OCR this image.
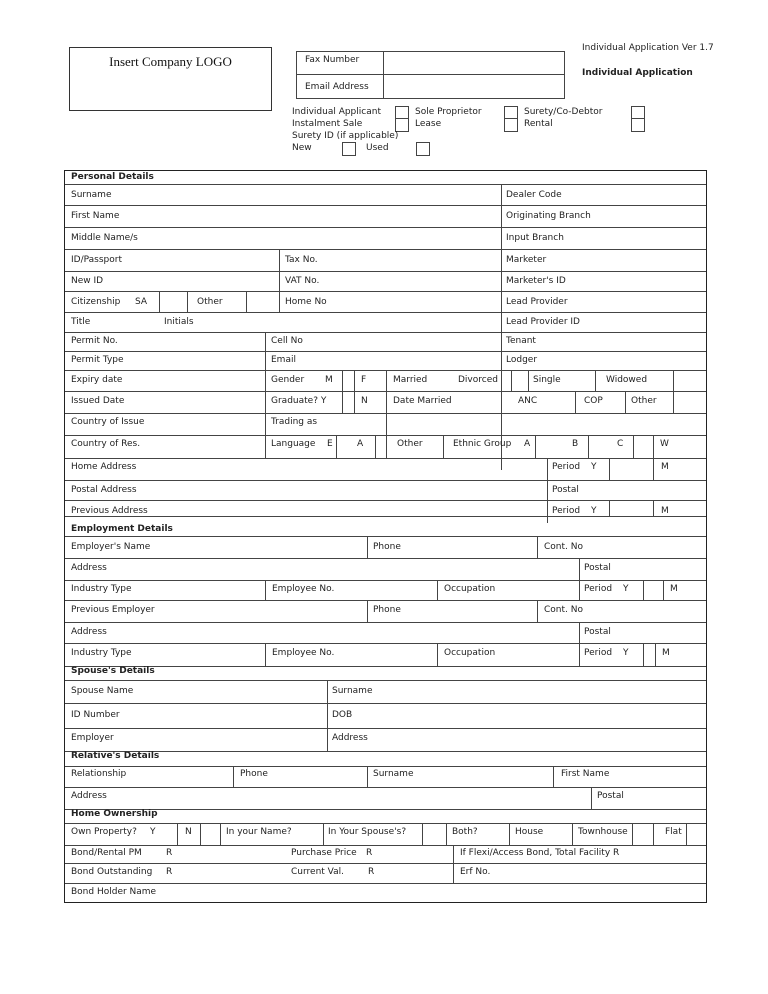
Individual Application Ver 1.7
Individual Application
Insert Company LOGO	Fax Number
Email Address
Individual Applicant	Sole Proprietor	Surety/Co-Debtor
Instalment Sale	Lease	Rental
Surety ID (if applicable)
New	Used
Personal Details
Surname	Dealer Code
First Name	Originating Branch
Middle Name/s	Input Branch
ID/Passport	Tax No.	Marketer
New ID	VAT No.	Marketer's ID
Citizenship SA	Other	Home No	Lead Provider
Title	Initials	Lead Provider ID
Permit No.	Cell No	Tenant
Permit Type	Email	Lodger
Expiry date	Gender M	F	Married	Divorced	Single	Widowed
Issued Date	Graduate? Y	N	Date Married	ANC	COP	Other
Country of Issue	Trading as
Country of Res.	Language E	A	Other	Ethnic Group A	B	C	W
Home Address	Period Y	M
Postal Address	Postal
Previous Address	Period Y	M
Employment Details
Employer's Name	Phone	Cont. No
Address	Postal
Industry Type	Employee No.	Occupation	Period Y	M
Previous Employer	Phone	Cont. No
Address	Postal
Industry Type	Employee No.	Occupation	Period Y	M
Spouse's Details
Spouse Name	Surname
ID Number	DOB
Employer	Address
Relative's Details
Relationship	Phone	Surname	First Name
Address	Postal
Home Ownership
Own Property? Y	N	In your Name?	In Your Spouse's?	Both?	House	Townhouse	Flat
Bond/Rental PM	R	Purchase Price R	If Flexi/Access Bond, Total Facility R
Bond Outstanding R	Current Val.	R	Erf No.
Bond Holder Name
